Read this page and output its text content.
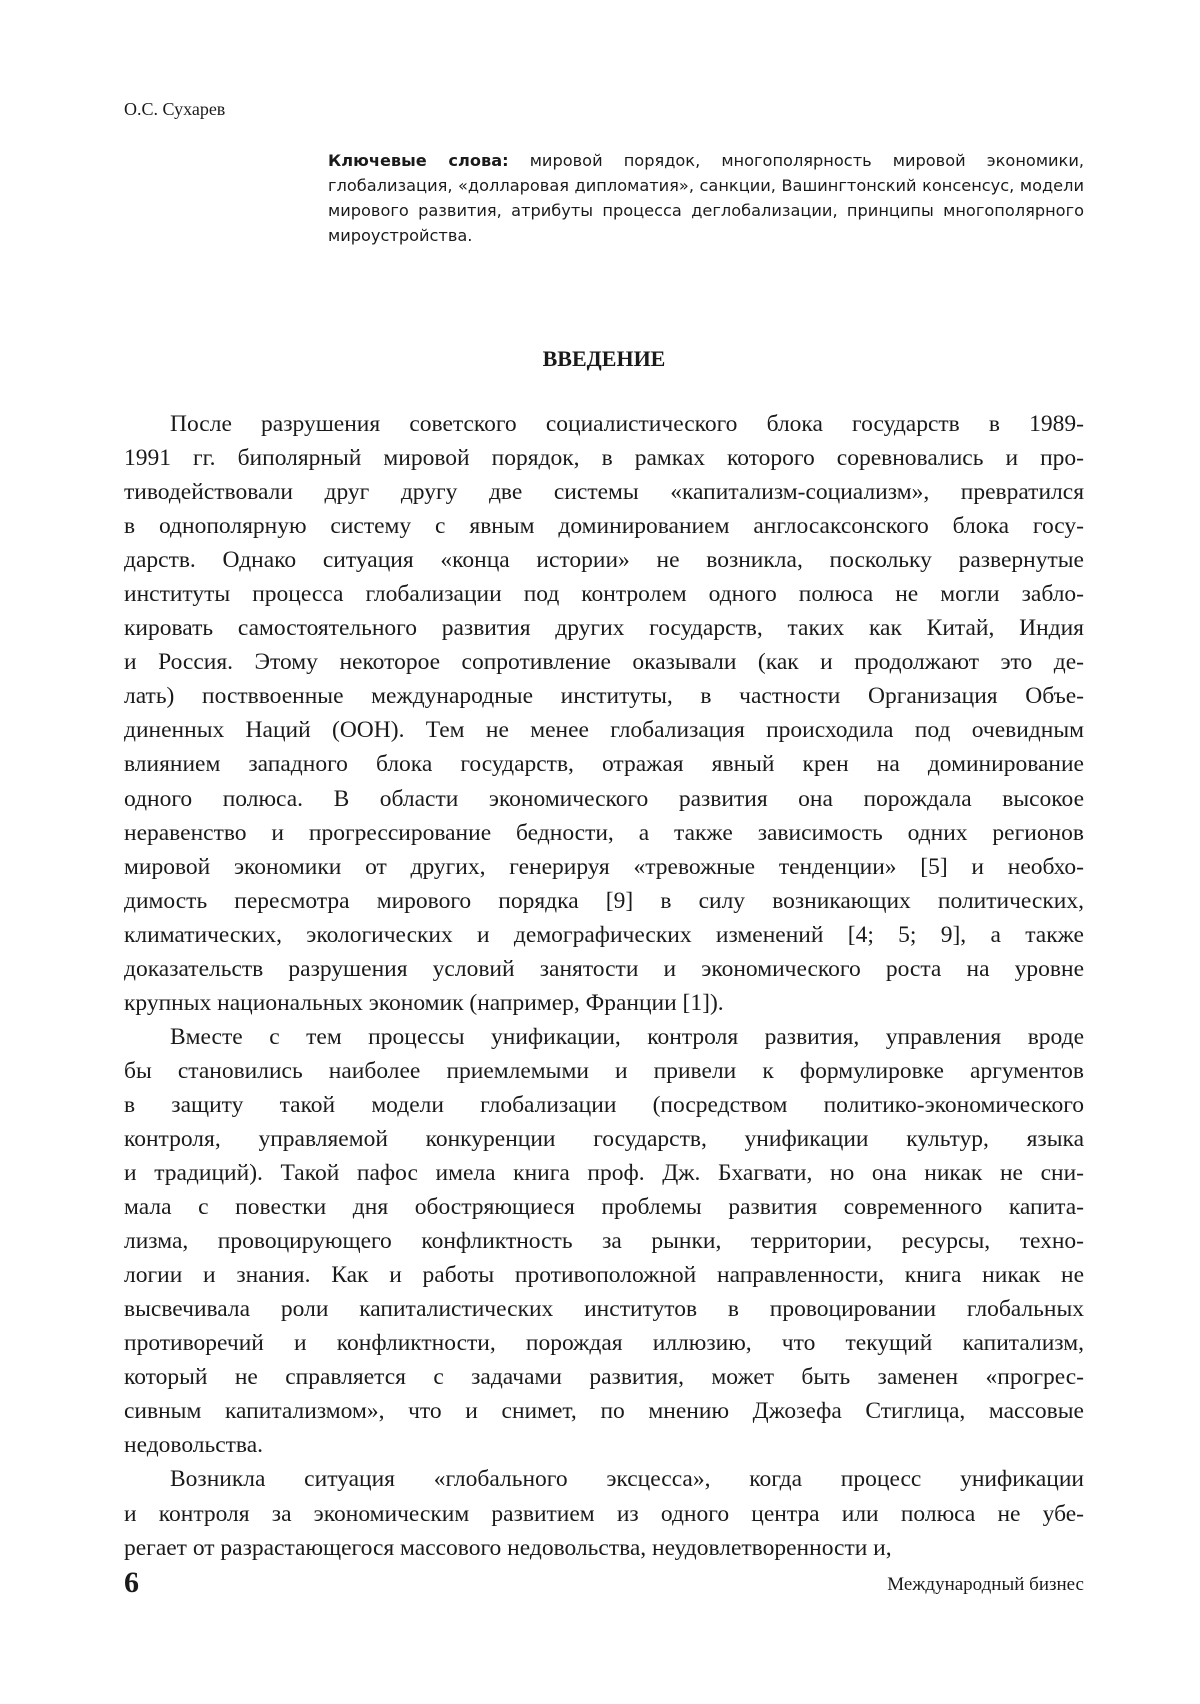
О.С. Сухарев
Ключевые слова: мировой порядок, многополярность мировой экономики, глобализация, «долларовая дипломатия», санкции, Вашингтонский консенсус, модели мирового развития, атрибуты процесса деглобализации, принципы многополярного мироустройства.
ВВЕДЕНИЕ

После разрушения советского социалистического блока государств в 1989-
1991 гг. биполярный мировой порядок, в рамках которого соревновались и про-
тиводействовали друг другу две системы «капитализм-социализм», превратился
в однополярную систему с явным доминированием англосаксонского блока госу-
дарств. Однако ситуация «конца истории» не возникла, поскольку развернутые
институты процесса глобализации под контролем одного полюса не могли забло-
кировать самостоятельного развития других государств, таких как Китай, Индия
и Россия. Этому некоторое сопротивление оказывали (как и продолжают это де-
лать) постввоенные международные институты, в частности Организация Объе-
диненных Наций (ООН). Тем не менее глобализация происходила под очевидным
влиянием западного блока государств, отражая явный крен на доминирование
одного полюса. В области экономического развития она порождала высокое
неравенство и прогрессирование бедности, а также зависимость одних регионов
мировой экономики от других, генерируя «тревожные тенденции» [5] и необхо-
димость пересмотра мирового порядка [9] в силу возникающих политических,
климатических, экологических и демографических изменений [4; 5; 9], а также
доказательств разрушения условий занятости и экономического роста на уровне
крупных национальных экономик (например, Франции [1]).

Вместе с тем процессы унификации, контроля развития, управления вроде
бы становились наиболее приемлемыми и привели к формулировке аргументов
в защиту такой модели глобализации (посредством политико-экономического
контроля, управляемой конкуренции государств, унификации культур, языка
и традиций). Такой пафос имела книга проф. Дж. Бхагвати, но она никак не сни-
мала с повестки дня обостряющиеся проблемы развития современного капита-
лизма, провоцирующего конфликтность за рынки, территории, ресурсы, техно-
логии и знания. Как и работы противоположной направленности, книга никак не
высвечивала роли капиталистических институтов в провоцировании глобальных
противоречий и конфликтности, порождая иллюзию, что текущий капитализм,
который не справляется с задачами развития, может быть заменен «прогрес-
сивным капитализмом», что и снимет, по мнению Джозефа Стиглица, массовые
недовольства.

Возникла ситуация «глобального эксцесса», когда процесс унификации
и контроля за экономическим развитием из одного центра или полюса не убе-
регает от разрастающегося массового недовольства, неудовлетворенности и,

6	Международный бизнес
